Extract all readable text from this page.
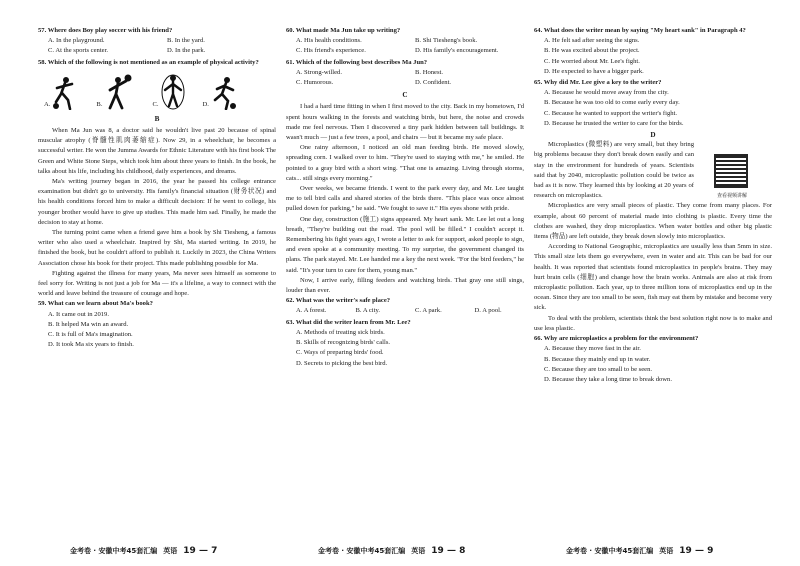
57. Where does Boy play soccer with his friend?

A. In the playground.	B. In the yard.
C. At the sports center.	D. In the park.

58. Which of the following is not mentioned as an example of physical activity?

A.	B.	C.	D.

B

When Ma Jun was 8, a doctor said he wouldn't live past 20 because of spinal muscular atrophy (脊髓性肌肉萎缩症). Now 29, in a wheelchair, he becomes a successful writer. He won the Jumma Awards for Ethnic Literature with his first book The Green and White Stone Steps, which took him about three years to finish. In the book, he talks about his life, including his childhood, daily experiences, and dreams.

Ma's writing journey began in 2016, the year he passed his college entrance examination but didn't go to university. His family's financial situation (财务状况) and his health conditions forced him to make a difficult decision: If he went to college, his younger brother would have to give up studies. This made him sad. Finally, he made the decision to stay at home.

The turning point came when a friend gave him a book by Shi Tiesheng, a famous writer who also used a wheelchair. Inspired by Shi, Ma started writing. In 2019, he finished the book, but he couldn't afford to publish it. Luckily in 2023, the China Writers Association chose his book for their project. This made publishing possible for Ma.

Fighting against the illness for many years, Ma never sees himself as someone to feel sorry for. Writing is not just a job for Ma — it's a lifeline, a way to connect with the world and leave behind the treasure of courage and hope.

59. What can we learn about Ma's book?

A. It came out in 2019.
B. It helped Ma win an award.
C. It is full of Ma's imagination.
D. It took Ma six years to finish.

60. What made Ma Jun take up writing?

A. His health conditions.	B. Shi Tiesheng's book.
C. His friend's experience.	D. His family's encouragement.

61. Which of the following best describes Ma Jun?

A. Strong-willed.	B. Honest.
C. Humorous.	D. Confident.

C

I had a hard time fitting in when I first moved to the city. Back in my hometown, I'd spent hours walking in the forests and watching birds, but here, the noise and crowds made me feel nervous. Then I discovered a tiny park hidden between tall buildings. It wasn't much — just a few trees, a pool, and chairs — but it became my safe place.

One rainy afternoon, I noticed an old man feeding birds. He moved slowly, spreading corn. I walked over to him. "They're used to staying with me," he smiled. He pointed to a gray bird with a short wing. "That one is amazing. Living through storms, cats... still sings every morning."

Over weeks, we became friends. I went to the park every day, and Mr. Lee taught me to tell bird calls and shared stories of the birds there. "This place was once almost pulled down for parking," he said. "We fought to save it." His eyes shone with pride.

One day, construction (施工) signs appeared. My heart sank. Mr. Lee let out a long breath, "They're building out the road. The pool will be filled." I couldn't accept it. Remembering his fight years ago, I wrote a letter to ask for support, asked people to sign, and even spoke at a community meeting. To my surprise, the government changed its plans. The park stayed. Mr. Lee handed me a key the next week. "For the bird feeders," he said. "It's your turn to care for them, young man."

Now, I arrive early, filling feeders and watching birds. That gray one still sings, louder than ever.

62. What was the writer's safe place?

A. A forest.	B. A city.	C. A park.	D. A pool.

63. What did the writer learn from Mr. Lee?

A. Methods of treating sick birds.
B. Skills of recognizing birds' calls.
C. Ways of preparing birds' food.
D. Secrets to picking the best bird.

64. What does the writer mean by saying "My heart sank" in Paragraph 4?

A. He felt sad after seeing the signs.
B. He was excited about the project.
C. He worried about Mr. Lee's fight.
D. He expected to have a bigger park.

65. Why did Mr. Lee give a key to the writer?

A. Because he would move away from the city.
B. Because he was too old to come early every day.
C. Because he wanted to support the writer's fight.
D. Because he trusted the writer to care for the birds.

D

Microplastics (微塑料) are very small, but they bring big problems because they don't break down easily and can stay in the environment for hundreds of years. Scientists said that by 2040, microplastic pollution could be twice as bad as it is now. They learned this by looking at 20 years of research on microplastics.

Microplastics are very small pieces of plastic. They come from many places. For example, about 60 percent of material made into clothing is plastic. Every time the clothes are washed, they drop microplastics. When water bottles and other big plastic items (物品) are left outside, they break down slowly into microplastics.

According to National Geographic, microplastics are usually less than 5mm in size. This small size lets them go everywhere, even in water and air. This can be bad for our health. It was reported that scientists found microplastics in people's brains. They may hurt brain cells (细胞) and change how the brain works. Animals are also at risk from microplastic pollution. Each year, up to three million tons of microplastics end up in the ocean. Since they are too small to be seen, fish may eat them by mistake and become very sick.

To deal with the problem, scientists think the best solution right now is to make and use less plastic.

66. Why are microplastics a problem for the environment?

A. Because they move fast in the air.
B. Because they mainly end up in water.
C. Because they are too small to be seen.
D. Because they take a long time to break down.
查看视频讲解
金考卷 · 安徽中考45套汇编 英语 19 — 7	金考卷 · 安徽中考45套汇编 英语 19 — 8	金考卷 · 安徽中考45套汇编 英语 19 — 9
